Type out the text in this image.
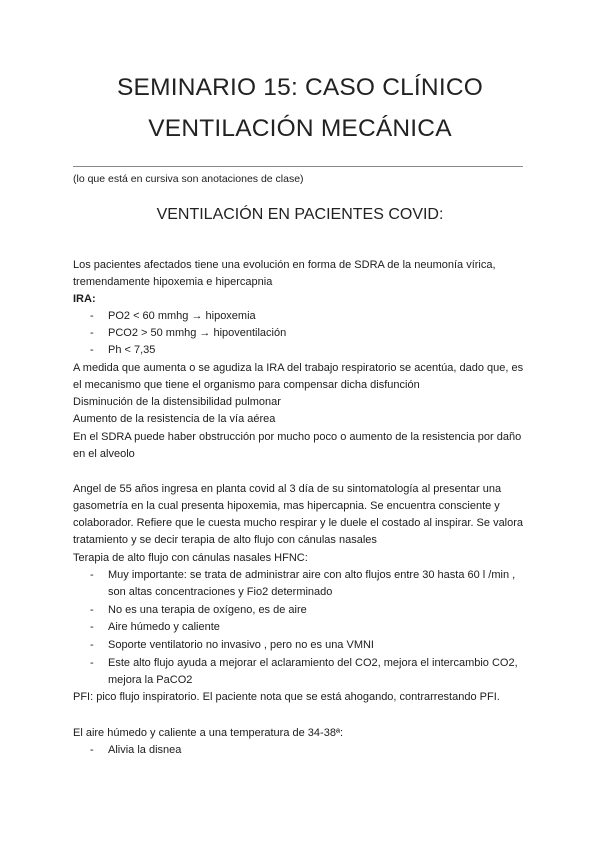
SEMINARIO 15: CASO CLÍNICO
VENTILACIÓN MECÁNICA
(lo que está en cursiva son anotaciones de clase)
VENTILACIÓN EN PACIENTES COVID:
Los pacientes afectados tiene una evolución en forma de SDRA de la neumonía vírica,
tremendamente hipoxemia e hipercapnia
IRA:
- PO2 < 60 mmhg → hipoxemia
- PCO2 > 50 mmhg → hipoventilación
- Ph < 7,35
A medida que aumenta o se agudiza la IRA del trabajo respiratorio se acentúa, dado que, es
el mecanismo que tiene el organismo para compensar dicha disfunción
Disminución de la distensibilidad pulmonar
Aumento de la resistencia de la vía aérea
En el SDRA puede haber obstrucción por mucho poco o aumento de la resistencia por daño
en el alveolo
Angel de 55 años ingresa en planta covid al 3 día de su sintomatología al presentar una
gasometría en la cual presenta hipoxemia, mas hipercapnia. Se encuentra consciente y
colaborador. Refiere que le cuesta mucho respirar y le duele el costado al inspirar. Se valora
tratamiento y se decir terapia de alto flujo con cánulas nasales
Terapia de alto flujo con cánulas nasales HFNC:
- Muy importante: se trata de administrar aire con alto flujos entre 30 hasta 60 l /min ,
son altas concentraciones y Fio2 determinado
- No es una terapia de oxígeno, es de aire
- Aire húmedo y caliente
- Soporte ventilatorio no invasivo , pero no es una VMNI
- Este alto flujo ayuda a mejorar el aclaramiento del CO2, mejora el intercambio CO2,
mejora la PaCO2
PFI: pico flujo inspiratorio. El paciente nota que se está ahogando, contrarrestando PFI.
El aire húmedo y caliente a una temperatura de 34-38ª:
- Alivia la disnea
